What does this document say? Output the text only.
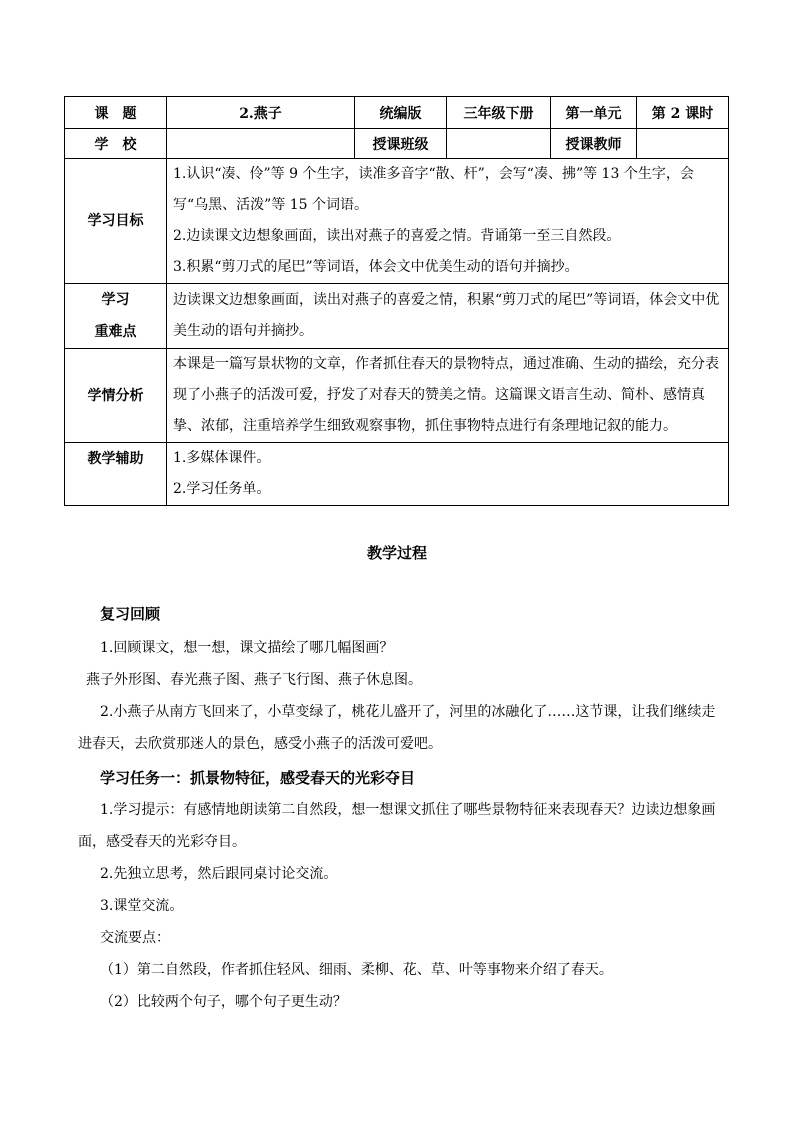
课　题	2.燕子	统编版	三年级下册	第一单元	第 2 课时
学　校		授课班级		授课教师	
学习目标	1.认识“凑、伶”等 9 个生字，读准多音字“散、杆”，会写“凑、拂”等 13 个生字，会写“乌黑、活泼”等 15 个词语。

2.边读课文边想象画面，读出对燕子的喜爱之情。背诵第一至三自然段。

3.积累“剪刀式的尾巴”等词语，体会文中优美生动的语句并摘抄。				

学习
重难点	边读课文边想象画面，读出对燕子的喜爱之情，积累“剪刀式的尾巴”等词语，体会文中优美生动的语句并摘抄。				
学情分析	本课是一篇写景状物的文章，作者抓住春天的景物特点，通过准确、生动的描绘，充分表现了小燕子的活泼可爱，抒发了对春天的赞美之情。这篇课文语言生动、简朴、感情真挚、浓郁，注重培养学生细致观察事物，抓住事物特点进行有条理地记叙的能力。				
教学辅助	1.多媒体课件。

2.学习任务单。				

教学过程

复习回顾

1.回顾课文，想一想，课文描绘了哪几幅图画？

燕子外形图、春光燕子图、燕子飞行图、燕子休息图。

2.小燕子从南方飞回来了，小草变绿了，桃花儿盛开了，河里的冰融化了……这节课，让我们继续走进春天，去欣赏那迷人的景色，感受小燕子的活泼可爱吧。

学习任务一：抓景物特征，感受春天的光彩夺目

1.学习提示：有感情地朗读第二自然段，想一想课文抓住了哪些景物特征来表现春天？边读边想象画面，感受春天的光彩夺目。

2.先独立思考，然后跟同桌讨论交流。

3.课堂交流。

交流要点：

（1）第二自然段，作者抓住轻风、细雨、柔柳、花、草、叶等事物来介绍了春天。

（2）比较两个句子，哪个句子更生动？
